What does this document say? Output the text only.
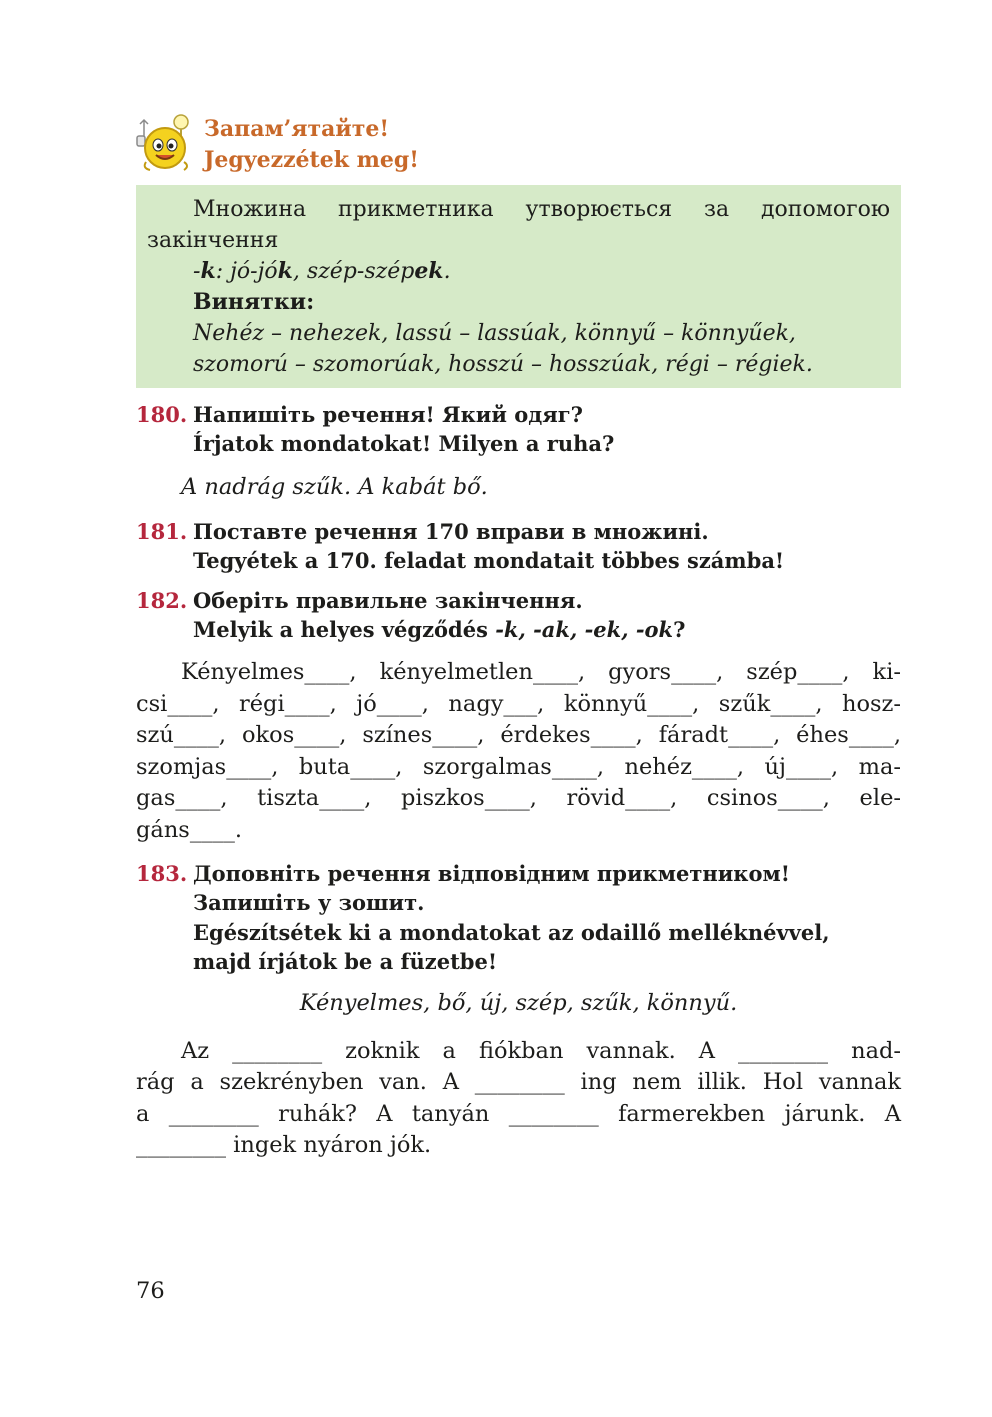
Запам’ятайте!
Jegyezzétek meg!
Множина прикметника утворюється за допомогою
закінчення
-k: jó-jók, szép-szépek.
Винятки:
Nehéz – nehezek, lassú – lassúak, könnyű – könnyűek,
szomorú – szomorúak, hosszú – hosszúak, régi – régiek.
180. Напишіть речення! Який одяг?
Írjatok mondatokat! Milyen a ruha?
A nadrág szűk. A kabát bő.
181. Поставте речення 170 вправи в множині.
Tegyétek a 170. feladat mondatait többes számba!
182. Оберіть правильне закінчення.
Melyik a helyes végződés -k, -ak, -ek, -ok?
Kényelmes____, kényelmetlen____, gyors____, szép____, ki-
csi____, régi____, jó____, nagy___, könnyű____, szűk____, hosz-
szú____, okos____, színes____, érdekes____, fáradt____, éhes____,
szomjas____, buta____, szorgalmas____, nehéz____, új____, ma-
gas____, tiszta____, piszkos____, rövid____, csinos____, ele-
gáns____.
183. Доповніть речення відповідним прикметником!
Запишіть у зошит.
Egészítsétek ki a mondatokat az odaillő melléknévvel,
majd írjátok be a füzetbe!
Kényelmes, bő, új, szép, szűk, könnyű.
Az ________ zoknik a fiókban vannak. A ________ nad-
rág a szekrényben van. A ________ ing nem illik. Hol vannak
a ________ ruhák? A tanyán ________ farmerekben járunk. A
________ ingek nyáron jók.
76
